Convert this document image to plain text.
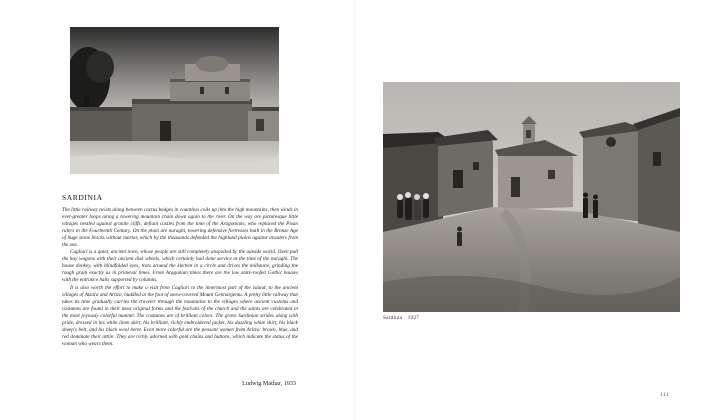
SARDINIA

The little railway twists along between cactus hedges in countless coils up into the high mountains, then winds in ever-greater loops along a towering mountain chain down again to the river. On the way are picturesque little villages nestled against granite cliffs, defiant castles from the time of the Aragonians, who replaced the Pisan rulers in the Fourteenth Century. On the plain are nuraghi, towering defensive fortresses built in the Bronze Age of huge stone blocks without mortar, which by the thousands defended the highland plains against invaders from the sea.

Cagliari is a quiet, ancient town, whose people are still completely unspoiled by the outside world. Oxen pull the hay wagons with their ancient disk wheels, which certainly had done service at the time of the nuraghi. The house donkey, with blindfolded eyes, trots around the kitchen in a circle and drives the millstone, grinding the rough grain exactly as in primeval times. From Aragonian times there are the low slate-roofed Gothic houses with the entrance halls supported by columns.

It is also worth the effort to make a visit from Cagliari to the innermost part of the island, to the ancient villages of Atzara and Aritzo, huddled at the foot of snow-covered Mount Gennargentu. A pretty little railway that takes its time gradually carries the traveler through the mountains to the villages where ancient customs and costumes are found in their most original forms and the festivals of the church and the saints are celebrated in the most joyously colorful manner. The costumes are of brilliant colors. The grave Sardinian strides along with pride, dressed in his white linen skirt, his brilliant, richly embroidered jacket, his dazzling white shirt, his black sheep's belt, and his black wool beret. Even more colorful are the peasant women from Aritzo: brown, blue, and red dominate their attire. They are richly adorned with gold chains and buttons, which indicate the status of the woman who wears them.

Ludwig Mathar, 1933
Sardinia 1927
111
